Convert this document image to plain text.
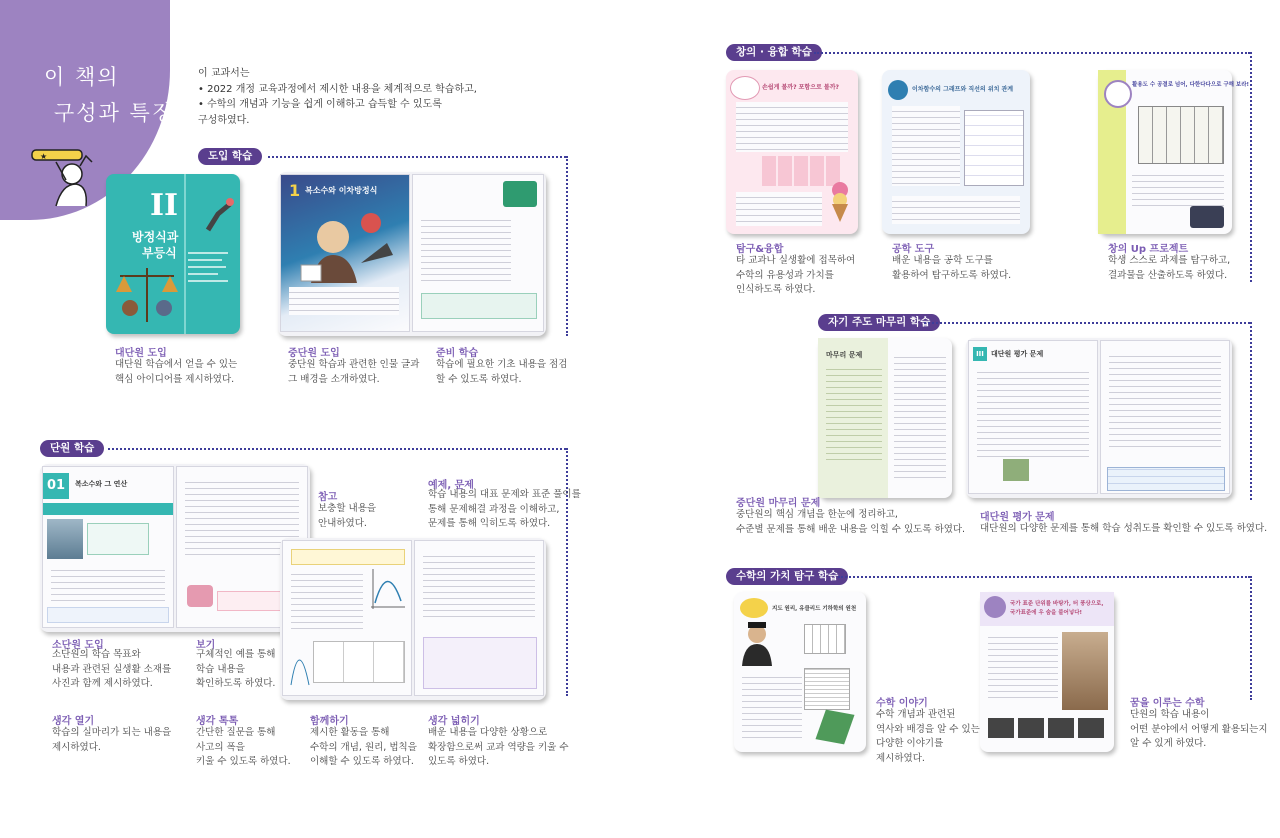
이 책의
구성과 특징
★
이 교과서는
• 2022 개정 교육과정에서 제시한 내용을 체계적으로 학습하고,
• 수학의 개념과 기능을 쉽게 이해하고 습득할 수 있도록
구성하였다.
도입 학습
II
방정식과
부등식
1 복소수와 이차방정식
대단원 도입
대단원 학습에서 얻을 수 있는
핵심 아이디어를 제시하였다.
중단원 도입
중단원 학습과 관련한 인물 글과
그 배경을 소개하였다.
준비 학습
학습에 필요한 기초 내용을 점검
할 수 있도록 하였다.
단원 학습
01	복소수와 그 연산
참고
보충할 내용을
안내하였다.
예제, 문제
학습 내용의 대표 문제와 표준 풀이를
통해 문제해결 과정을 이해하고,
문제를 통해 익히도록 하였다.
소단원 도입
소단원의 학습 목표와
내용과 관련된 실생활 소재를
사진과 함께 제시하였다.
보기
구체적인 예를 통해
학습 내용을
확인하도록 하였다.
생각 열기
학습의 실마리가 되는 내용을
제시하였다.
생각 톡톡
간단한 질문을 통해
사고의 폭을
키울 수 있도록 하였다.
함께하기
제시한 활동을 통해
수학의 개념, 원리, 법칙을
이해할 수 있도록 하였다.
생각 넓히기
배운 내용을 다양한 상황으로
확장함으로써 교과 역량을 키울 수
있도록 하였다.
창의 · 융합 학습
손쉽게 볼까? 포함으로 볼까?	이차함수의 그래프와 직선의 위치 관계
활용도 수 공결로 넘어, 다한다다으로 구해 보라!
탐구&융합
타 교과나 실생활에 접목하여
수학의 유용성과 가치를
인식하도록 하였다.
공학 도구
배운 내용을 공학 도구를
활용하여 탐구하도록 하였다.
창의 Up 프로젝트
학생 스스로 과제를 탐구하고,
결과물을 산출하도록 하였다.
자기 주도 마무리 학습
마무리 문제	III	대단원 평가 문제
중단원 마무리 문제
중단원의 핵심 개념을 한눈에 정리하고,
수준별 문제를 통해 배운 내용을 익힐 수 있도록 하였다.
대단원 평가 문제
대단원의 다양한 문제를 통해 학습 성취도를 확인할 수 있도록 하였다.
수학의 가치 탐구 학습
지도 원리, 유클리드 기하학의 원천
국가 표준 단위를 바탕가, 터 풍상으로, 국가표준에 우 숨을 불어넣다!
수학 이야기
수학 개념과 관련된
역사와 배경을 알 수 있는
다양한 이야기를
제시하였다.
꿈을 이루는 수학
단원의 학습 내용이
어떤 분야에서 어떻게 활용되는지
알 수 있게 하였다.
